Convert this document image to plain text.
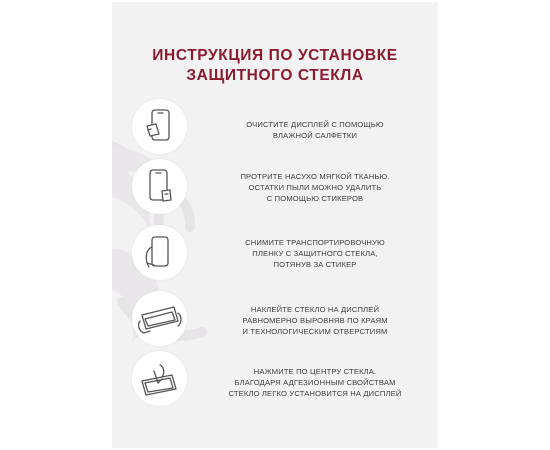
ИНСТРУКЦИЯ ПО УСТАНОВКЕ
ЗАЩИТНОГО СТЕКЛА
ОЧИСТИТЕ ДИСПЛЕЙ С ПОМОЩЬЮ
ВЛАЖНОЙ САЛФЕТКИ
ПРОТРИТЕ НАСУХО МЯГКОЙ ТКАНЬЮ.
ОСТАТКИ ПЫЛИ МОЖНО УДАЛИТЬ
С ПОМОЩЬЮ СТИКЕРОВ
СНИМИТЕ ТРАНСПОРТИРОВОЧНУЮ
ПЛЕНКУ С ЗАЩИТНОГО СТЕКЛА,
ПОТЯНУВ ЗА СТИКЕР
НАКЛЕЙТЕ СТЕКЛО НА ДИСПЛЕЙ
РАВНОМЕРНО ВЫРОВНЯВ ПО КРАЯМ
И ТЕХНОЛОГИЧЕСКИМ ОТВЕРСТИЯМ
НАЖМИТЕ ПО ЦЕНТРУ СТЕКЛА.
БЛАГОДАРЯ АДГЕЗИОННЫМ СВОЙСТВАМ
СТЕКЛО ЛЕГКО УСТАНОВИТСЯ НА ДИСПЛЕЙ
